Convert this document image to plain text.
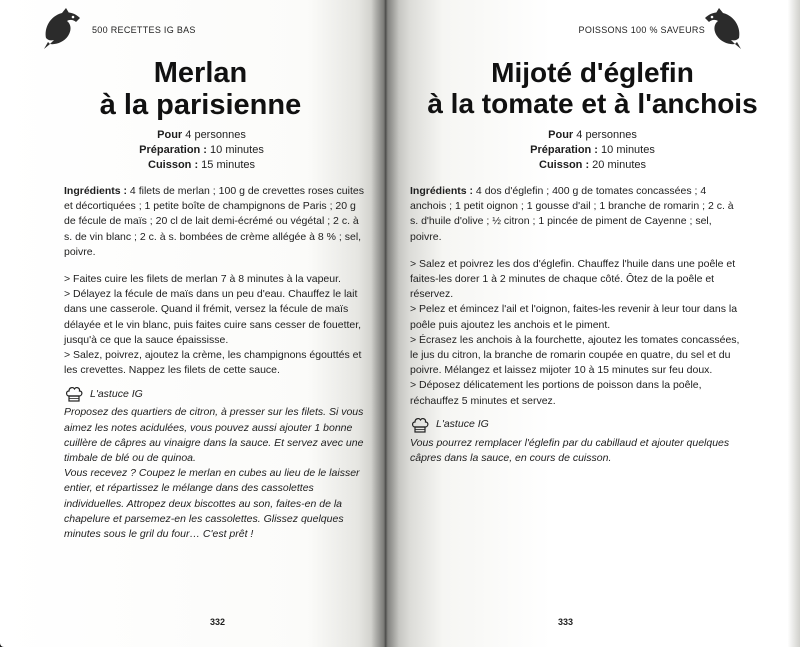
500 RECETTES IG BAS
Merlan
à la parisienne
Pour 4 personnes
Préparation : 10 minutes
Cuisson : 15 minutes

Ingrédients : 4 filets de merlan ; 100 g de crevettes roses cuites et décortiquées ; 1 petite boîte de champignons de Paris ; 20 g de fécule de maïs ; 20 cl de lait demi-écrémé ou végétal ; 2 c. à s. de vin blanc ; 2 c. à s. bombées de crème allégée à 8 % ; sel, poivre.

> Faites cuire les filets de merlan 7 à 8 minutes à la vapeur.

> Délayez la fécule de maïs dans un peu d'eau. Chauffez le lait dans une casserole. Quand il frémit, versez la fécule de maïs délayée et le vin blanc, puis faites cuire sans cesser de fouetter, jusqu'à ce que la sauce épaississe.

> Salez, poivrez, ajoutez la crème, les champignons égouttés et les crevettes. Nappez les filets de cette sauce.

L'astuce IG

Proposez des quartiers de citron, à presser sur les filets. Si vous aimez les notes acidulées, vous pouvez aussi ajouter 1 bonne cuillère de câpres au vinaigre dans la sauce. Et servez avec une timbale de blé ou de quinoa.

Vous recevez ? Coupez le merlan en cubes au lieu de le laisser entier, et répartissez le mélange dans des cassolettes individuelles. Attropez deux biscottes au son, faites-en de la chapelure et parsemez-en les cassolettes. Glissez quelques minutes sous le gril du four… C'est prêt !

332
POISSONS 100 % SAVEURS
Mijoté d'églefin
à la tomate et à l'anchois
Pour 4 personnes
Préparation : 10 minutes
Cuisson : 20 minutes

Ingrédients : 4 dos d'églefin ; 400 g de tomates concassées ; 4 anchois ; 1 petit oignon ; 1 gousse d'ail ; 1 branche de romarin ; 2 c. à s. d'huile d'olive ; ½ citron ; 1 pincée de piment de Cayenne ; sel, poivre.

> Salez et poivrez les dos d'églefin. Chauffez l'huile dans une poêle et faites-les dorer 1 à 2 minutes de chaque côté. Ôtez de la poêle et réservez.

> Pelez et émincez l'ail et l'oignon, faites-les revenir à leur tour dans la poêle puis ajoutez les anchois et le piment.

> Écrasez les anchois à la fourchette, ajoutez les tomates concassées, le jus du citron, la branche de romarin coupée en quatre, du sel et du poivre. Mélangez et laissez mijoter 10 à 15 minutes sur feu doux.

> Déposez délicatement les portions de poisson dans la poêle, réchauffez 5 minutes et servez.

L'astuce IG

Vous pourrez remplacer l'églefin par du cabillaud et ajouter quelques câpres dans la sauce, en cours de cuisson.

333
